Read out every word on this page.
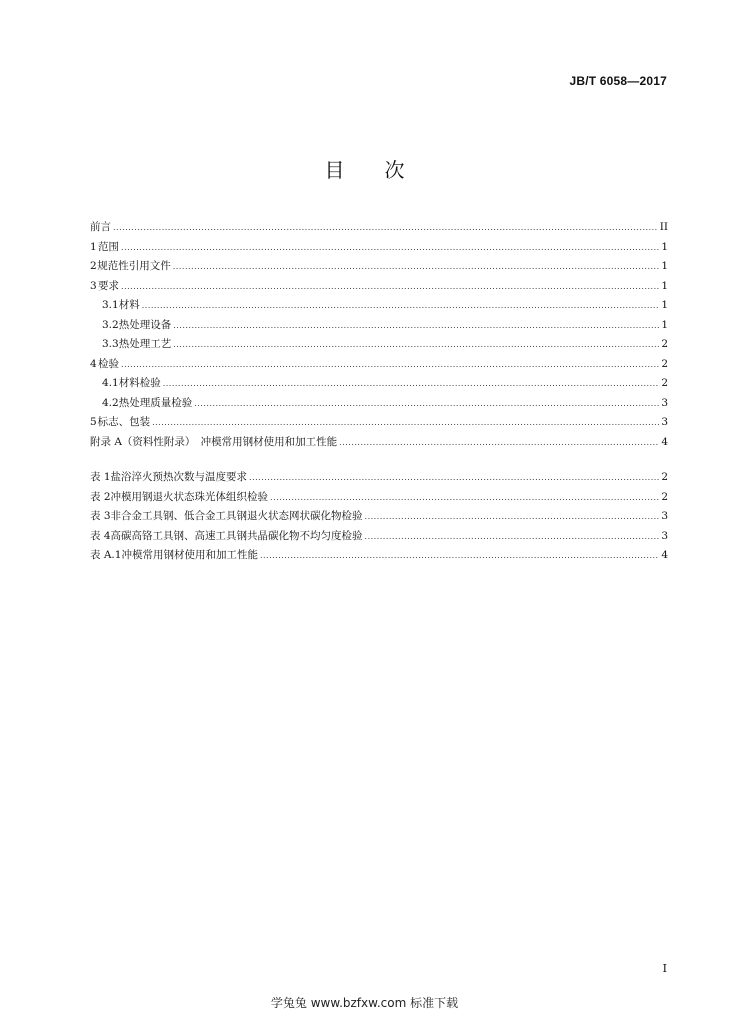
JB/T 6058—2017
目 次
前言 .....	II
1 范围 .....	1
2 规范性引用文件 .....	1
3 要求 .....	1
3.1 材料 .....	1
3.2 热处理设备 .....	1
3.3 热处理工艺 .....	2
4 检验 .....	2
4.1 材料检验 .....	2
4.2 热处理质量检验 .....	3
5 标志、包装 .....	3
附录 A（资料性附录）　冲模常用钢材使用和加工性能 .....	4
表 1 盐浴淬火预热次数与温度要求 .....	2
表 2 冲模用钢退火状态珠光体组织检验 .....	2
表 3 非合金工具钢、低合金工具钢退火状态网状碳化物检验 .....	3
表 4 高碳高铬工具钢、高速工具钢共晶碳化物不均匀度检验 .....	3
表 A.1 冲模常用钢材使用和加工性能 .....	4
I
学兔兔 www.bzfxw.com 标准下载
